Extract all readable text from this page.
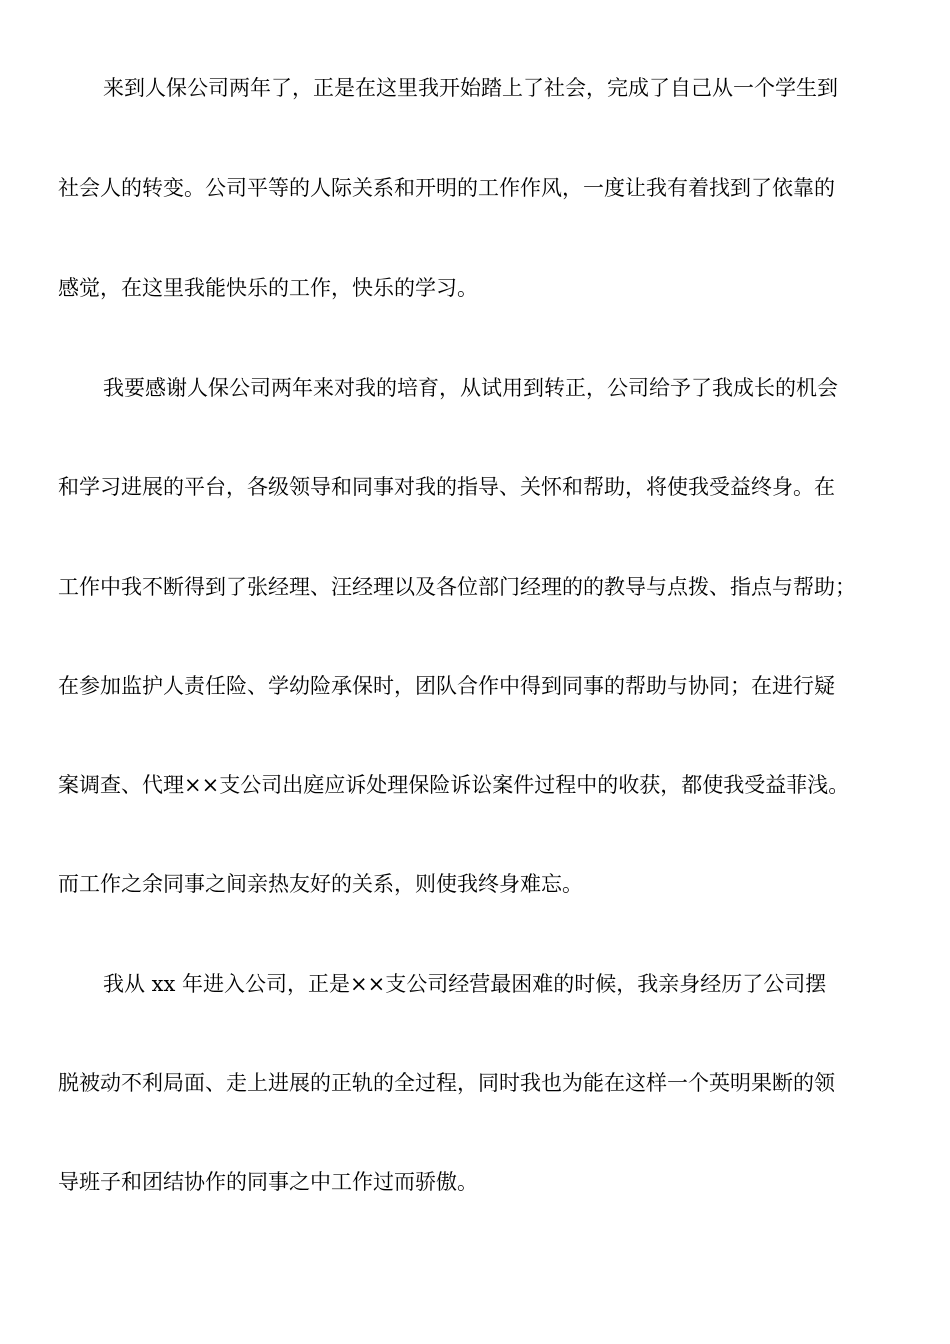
来到人保公司两年了，正是在这里我开始踏上了社会，完成了自己从一个学生到
社会人的转变。公司平等的人际关系和开明的工作作风，一度让我有着找到了依靠的
感觉，在这里我能快乐的工作，快乐的学习。
我要感谢人保公司两年来对我的培育，从试用到转正，公司给予了我成长的机会
和学习进展的平台，各级领导和同事对我的指导、关怀和帮助，将使我受益终身。在
工作中我不断得到了张经理、汪经理以及各位部门经理的的教导与点拨、指点与帮助；
在参加监护人责任险、学幼险承保时，团队合作中得到同事的帮助与协同；在进行疑
案调查、代理××支公司出庭应诉处理保险诉讼案件过程中的收获，都使我受益菲浅。
而工作之余同事之间亲热友好的关系，则使我终身难忘。
我从 xx 年进入公司，正是××支公司经营最困难的时候，我亲身经历了公司摆
脱被动不利局面、走上进展的正轨的全过程，同时我也为能在这样一个英明果断的领
导班子和团结协作的同事之中工作过而骄傲。
